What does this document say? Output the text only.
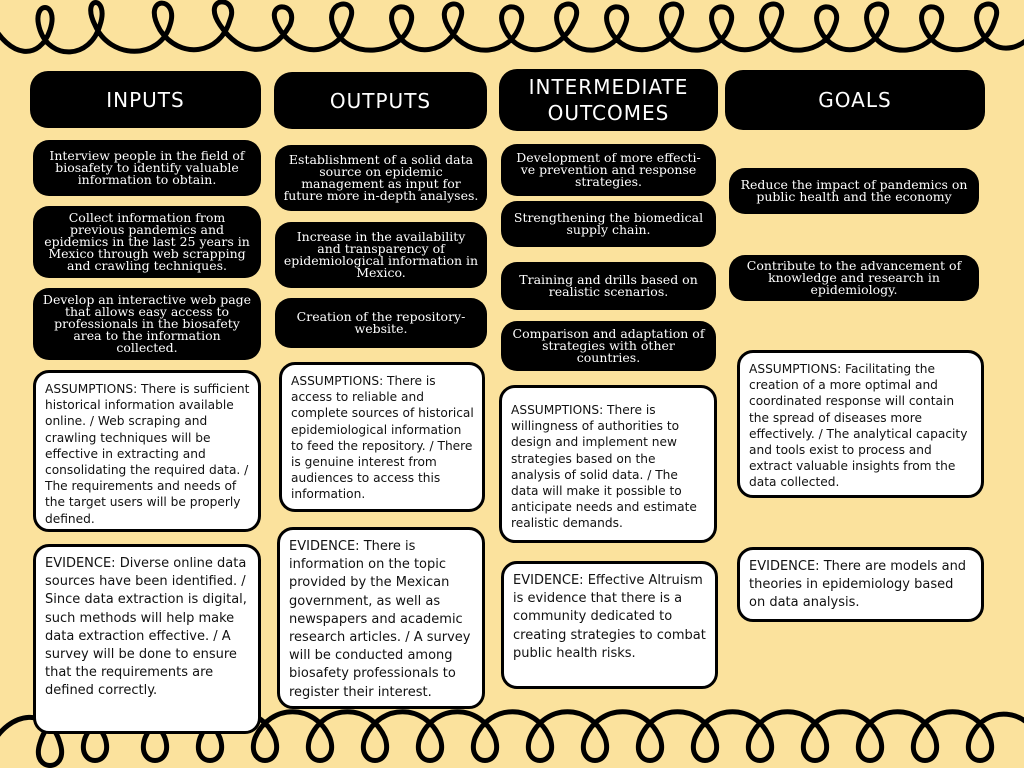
INPUTS	OUTPUTS
INTERMEDIATE OUTCOMES
GOALS
Interview people in the field of biosafety to identify valuable information to obtain.
Collect information from previous pandemics and epidemics in the last 25 years in Mexico through web scrapping and crawling techniques.
Develop an interactive web page that allows easy access to professionals in the biosafety area to the information collected.
ASSUMPTIONS: There is sufficient historical information available online. / Web scraping and crawling techniques will be effective in extracting and consolidating the required data. / The requirements and needs of the target users will be properly defined.
EVIDENCE: Diverse online data sources have been identified. / Since data extraction is digital, such methods will help make data extraction effective. / A survey will be done to ensure that the requirements are defined correctly.
Establishment of a solid data source on epidemic management as input for future more in-depth analyses.
Increase in the availability and transparency of epidemiological information in Mexico.
Creation of the repository-website.
ASSUMPTIONS: There is access to reliable and complete sources of historical epidemiological information to feed the repository. / There is genuine interest from audiences to access this information.
EVIDENCE: There is information on the topic provided by the Mexican government, as well as newspapers and academic research articles. / A survey will be conducted among biosafety professionals to register their interest.
Development of more effecti- ve prevention and response strategies.
Strengthening the biomedical supply chain.
Training and drills based on realistic scenarios.
Comparison and adaptation of strategies with other countries.
ASSUMPTIONS: There is willingness of authorities to design and implement new strategies based on the analysis of solid data. / The data will make it possible to anticipate needs and estimate realistic demands.
EVIDENCE: Effective Altruism is evidence that there is a community dedicated to creating strategies to combat public health risks.
Reduce the impact of pandemics on public health and the economy
Contribute to the advancement of knowledge and research in epidemiology.
ASSUMPTIONS: Facilitating the creation of a more optimal and coordinated response will contain the spread of diseases more effectively. / The analytical capacity and tools exist to process and extract valuable insights from the data collected.
EVIDENCE: There are models and theories in epidemiology based on data analysis.
